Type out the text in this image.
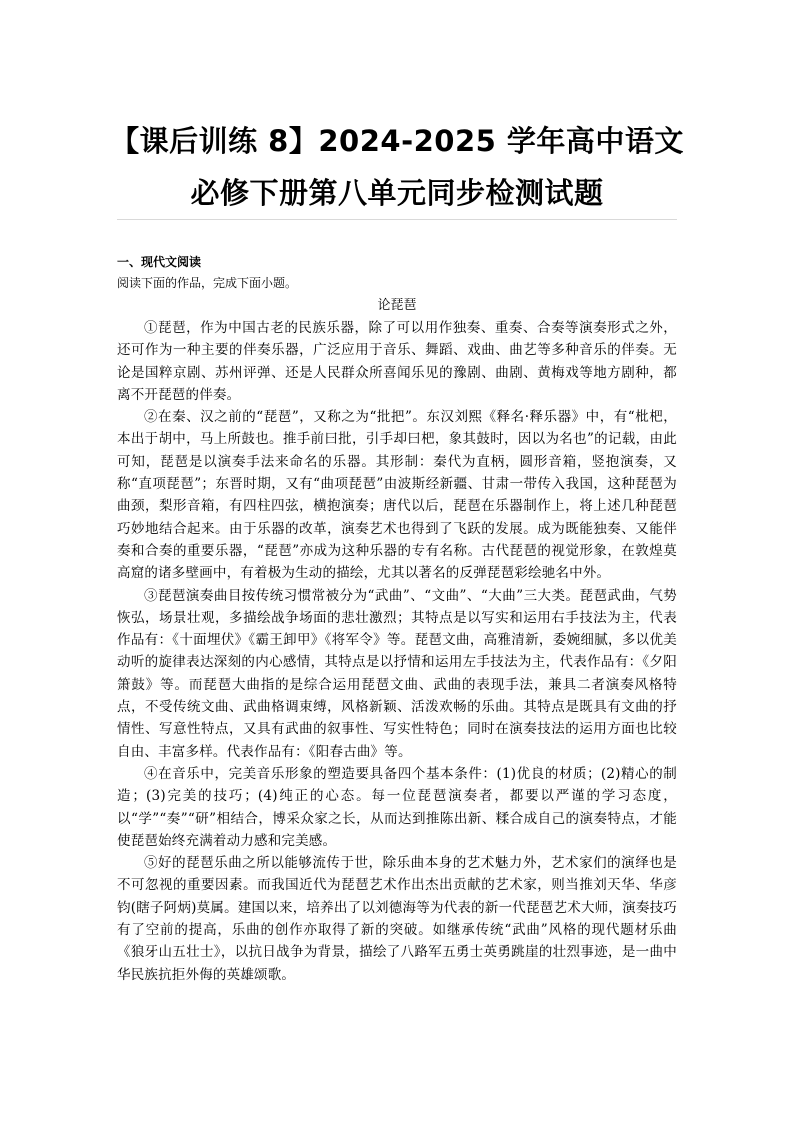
【课后训练 8】2024-2025 学年高中语文
必修下册第八单元同步检测试题
一、现代文阅读
阅读下面的作品，完成下面小题。
论琵琶

①琵琶，作为中国古老的民族乐器，除了可以用作独奏、重奏、合奏等演奏形式之外，还可作为一种主要的伴奏乐器，广泛应用于音乐、舞蹈、戏曲、曲艺等多种音乐的伴奏。无论是国粹京剧、苏州评弹、还是人民群众所喜闻乐见的豫剧、曲剧、黄梅戏等地方剧种，都离不开琵琶的伴奏。

②在秦、汉之前的“琵琶”，又称之为“批把”。东汉刘熙《释名·释乐器》中，有“枇杷，本出于胡中，马上所鼓也。推手前曰批，引手却曰杷，象其鼓时，因以为名也”的记载，由此可知，琵琶是以演奏手法来命名的乐器。其形制：秦代为直柄，圆形音箱，竖抱演奏，又称“直项琵琶”；东晋时期，又有“曲项琵琶”由波斯经新疆、甘肃一带传入我国，这种琵琶为曲颈，梨形音箱，有四柱四弦，横抱演奏；唐代以后，琵琶在乐器制作上，将上述几种琵琶巧妙地结合起来。由于乐器的改革，演奏艺术也得到了飞跃的发展。成为既能独奏、又能伴奏和合奏的重要乐器，“琵琶”亦成为这种乐器的专有名称。古代琵琶的视觉形象，在敦煌莫高窟的诸多壁画中，有着极为生动的描绘，尤其以著名的反弹琵琶彩绘驰名中外。

③琵琶演奏曲目按传统习惯常被分为“武曲”、“文曲”、“大曲”三大类。琵琶武曲，气势恢弘，场景壮观，多描绘战争场面的悲壮激烈；其特点是以写实和运用右手技法为主，代表作品有：《十面埋伏》《霸王卸甲》《将军令》等。琵琶文曲，高雅清新，委婉细腻，多以优美动听的旋律表达深刻的内心感情，其特点是以抒情和运用左手技法为主，代表作品有：《夕阳箫鼓》等。而琵琶大曲指的是综合运用琵琶文曲、武曲的表现手法，兼具二者演奏风格特点，不受传统文曲、武曲格调束缚，风格新颖、活泼欢畅的乐曲。其特点是既具有文曲的抒情性、写意性特点，又具有武曲的叙事性、写实性特色；同时在演奏技法的运用方面也比较自由、丰富多样。代表作品有：《阳春古曲》等。

④在音乐中，完美音乐形象的塑造要具备四个基本条件：(1)优良的材质；(2)精心的制造；(3)完美的技巧；(4)纯正的心态。每一位琵琶演奏者，都要以严谨的学习态度，以“学”“奏”“研”相结合，博采众家之长，从而达到推陈出新、糅合成自己的演奏特点，才能使琵琶始终充满着动力感和完美感。

⑤好的琵琶乐曲之所以能够流传于世，除乐曲本身的艺术魅力外，艺术家们的演绎也是不可忽视的重要因素。而我国近代为琵琶艺术作出杰出贡献的艺术家，则当推刘天华、华彦钧(瞎子阿炳)莫属。建国以来，培养出了以刘德海等为代表的新一代琵琶艺术大师，演奏技巧有了空前的提高，乐曲的创作亦取得了新的突破。如继承传统“武曲”风格的现代题材乐曲《狼牙山五壮士》，以抗日战争为背景，描绘了八路军五勇士英勇跳崖的壮烈事迹，是一曲中华民族抗拒外侮的英雄颂歌。
